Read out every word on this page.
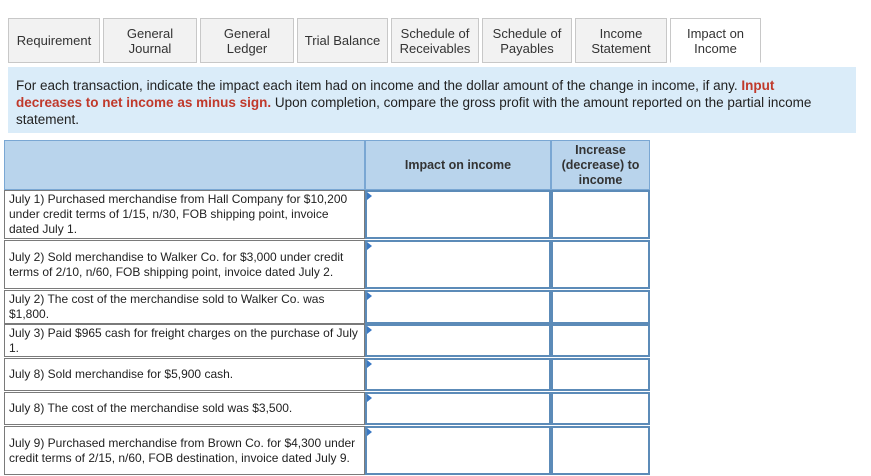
Requirement	General
Journal
General
Ledger	Trial Balance Schedule of
Receivables
Schedule of
Payables
Income
Statement
Impact on
Income
For each transaction, indicate the impact each item had on income and the dollar amount of the change in income, if any. Input decreases to net income as minus sign. Upon completion, compare the gross profit with the amount reported on the partial income statement.
Impact on income
Increase (decrease) to income
July 1) Purchased merchandise from Hall Company for $10,200 under credit terms of 1/15, n/30, FOB shipping point, invoice dated July 1.
July 2) Sold merchandise to Walker Co. for $3,000 under credit terms of 2/10, n/60, FOB shipping point, invoice dated July 2.
July 2) The cost of the merchandise sold to Walker Co. was $1,800.
July 3) Paid $965 cash for freight charges on the purchase of July 1.
July 8) Sold merchandise for $5,900 cash.
July 8) The cost of the merchandise sold was $3,500.
July 9) Purchased merchandise from Brown Co. for $4,300 under credit terms of 2/15, n/60, FOB destination, invoice dated July 9.
